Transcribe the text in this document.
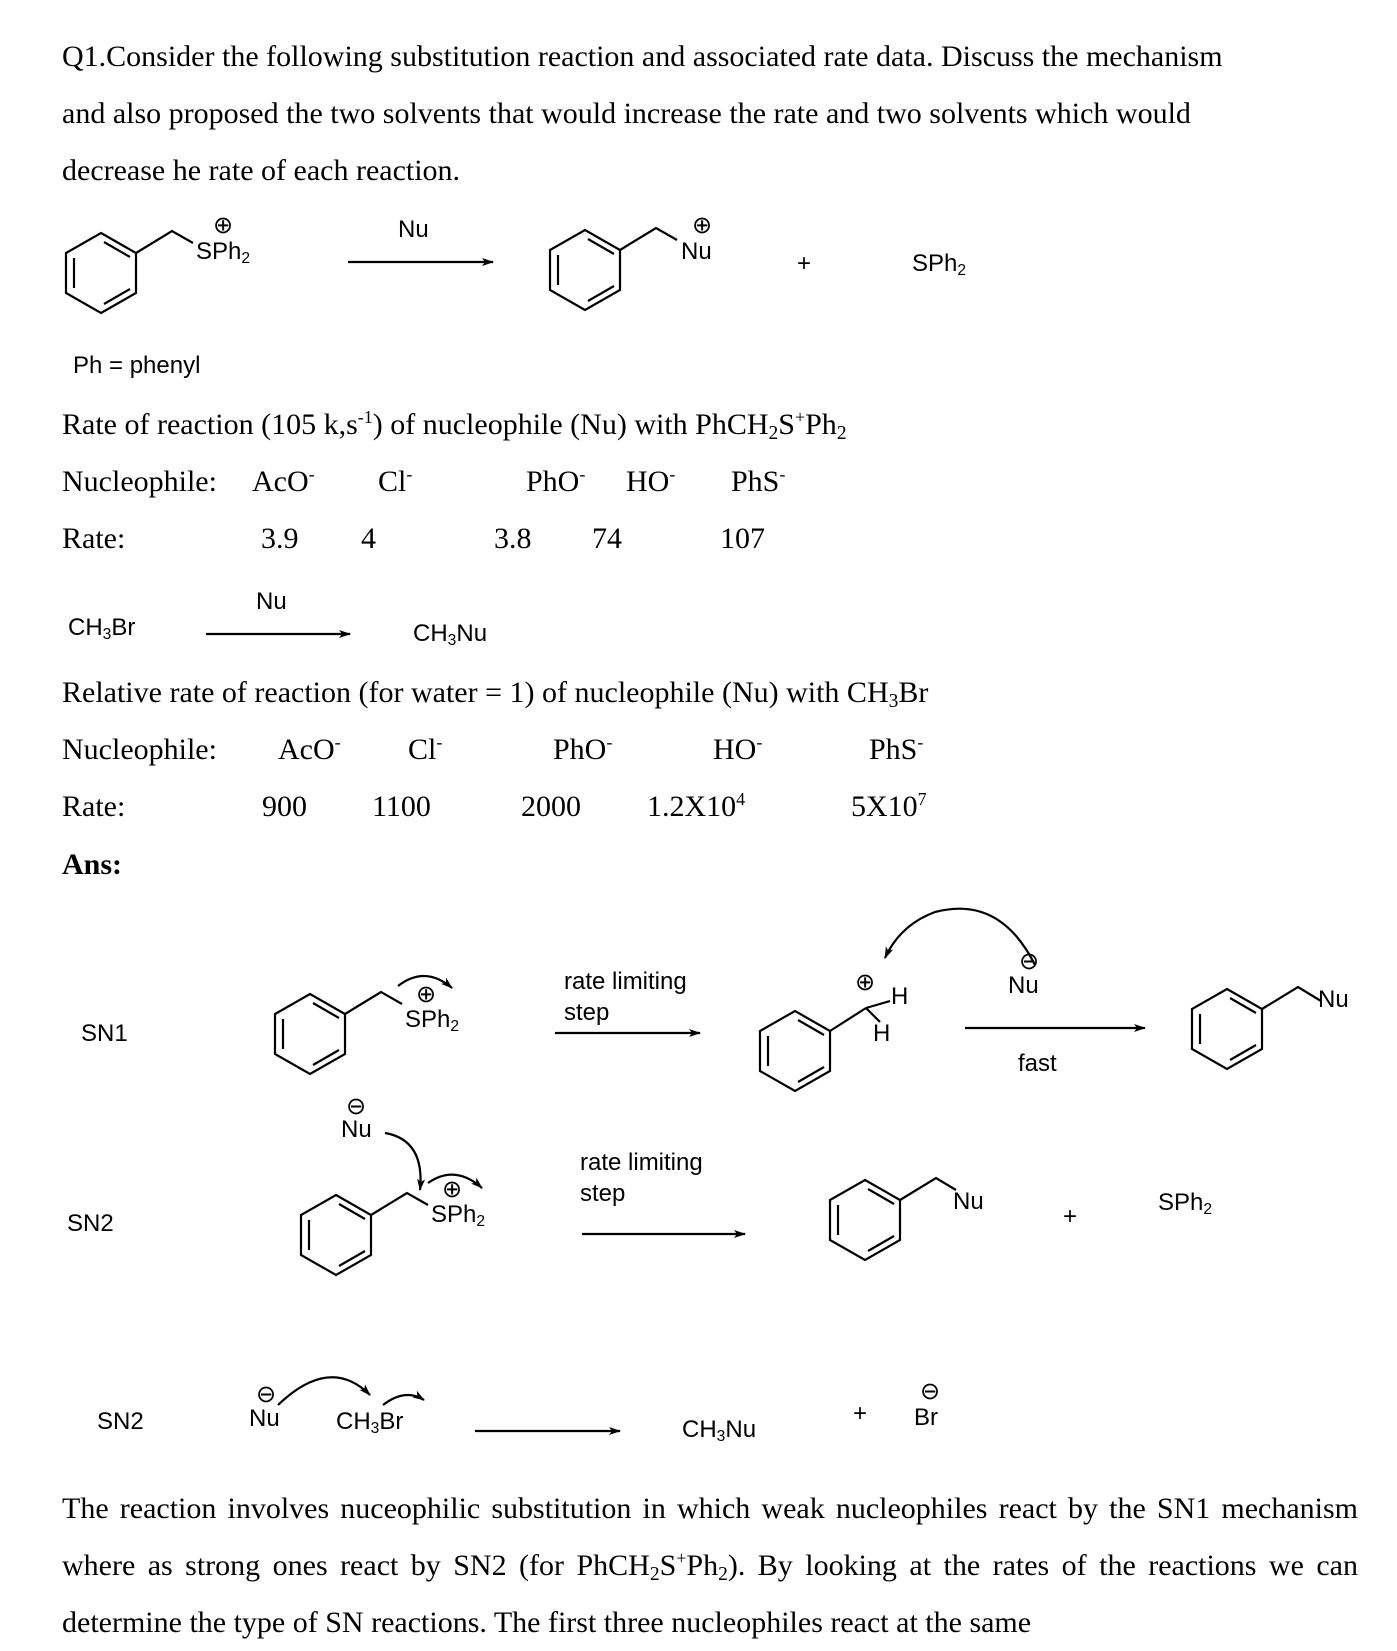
Q1.Consider the following substitution reaction and associated rate data. Discuss the mechanism
and also proposed the two solvents that would increase the rate and two solvents which would
decrease he rate of each reaction.
⊕
SPh$_2$
Nu	⊕
Nu	+	SPh$_2$
Ph = phenyl
Rate of reaction (105 $k,s^{-1}$) of nucleophile (Nu) with $PhCH_2S^+Ph_2$
Nucleophile: AcO- Cl-	PhO- HO- PhS-
Rate:	3.9 4	3.8 74	107
Nu
$CH_3Br$	$CH_3Nu$
Relative rate of reaction (for water = 1) of nucleophile (Nu) with $CH_3Br$
Nucleophile: AcO- Cl-	PhO-	HO-	PhS-
Rate:	900 1100	2000 $1.2X10^4$	$5X10^7$
Ans:
SN1
⊕
SPh$_2$
rate limiting
step
⊕
H
H
⊖
Nu
fast
Nu
SN2
⊖
Nu
⊕
SPh$_2$
rate limiting
step	Nu
+
SPh$_2$
SN2
⊖
Nu $CH_3Br$	$CH_3Nu$
+
⊖
Br
The reaction involves nuceophilic substitution in which weak nucleophiles react by the SN1 mechanism where as strong ones react by SN2 (for $PhCH_2S^+Ph_2$). By looking at the rates of the reactions we can determine the type of SN reactions. The first three nucleophiles react at the same
